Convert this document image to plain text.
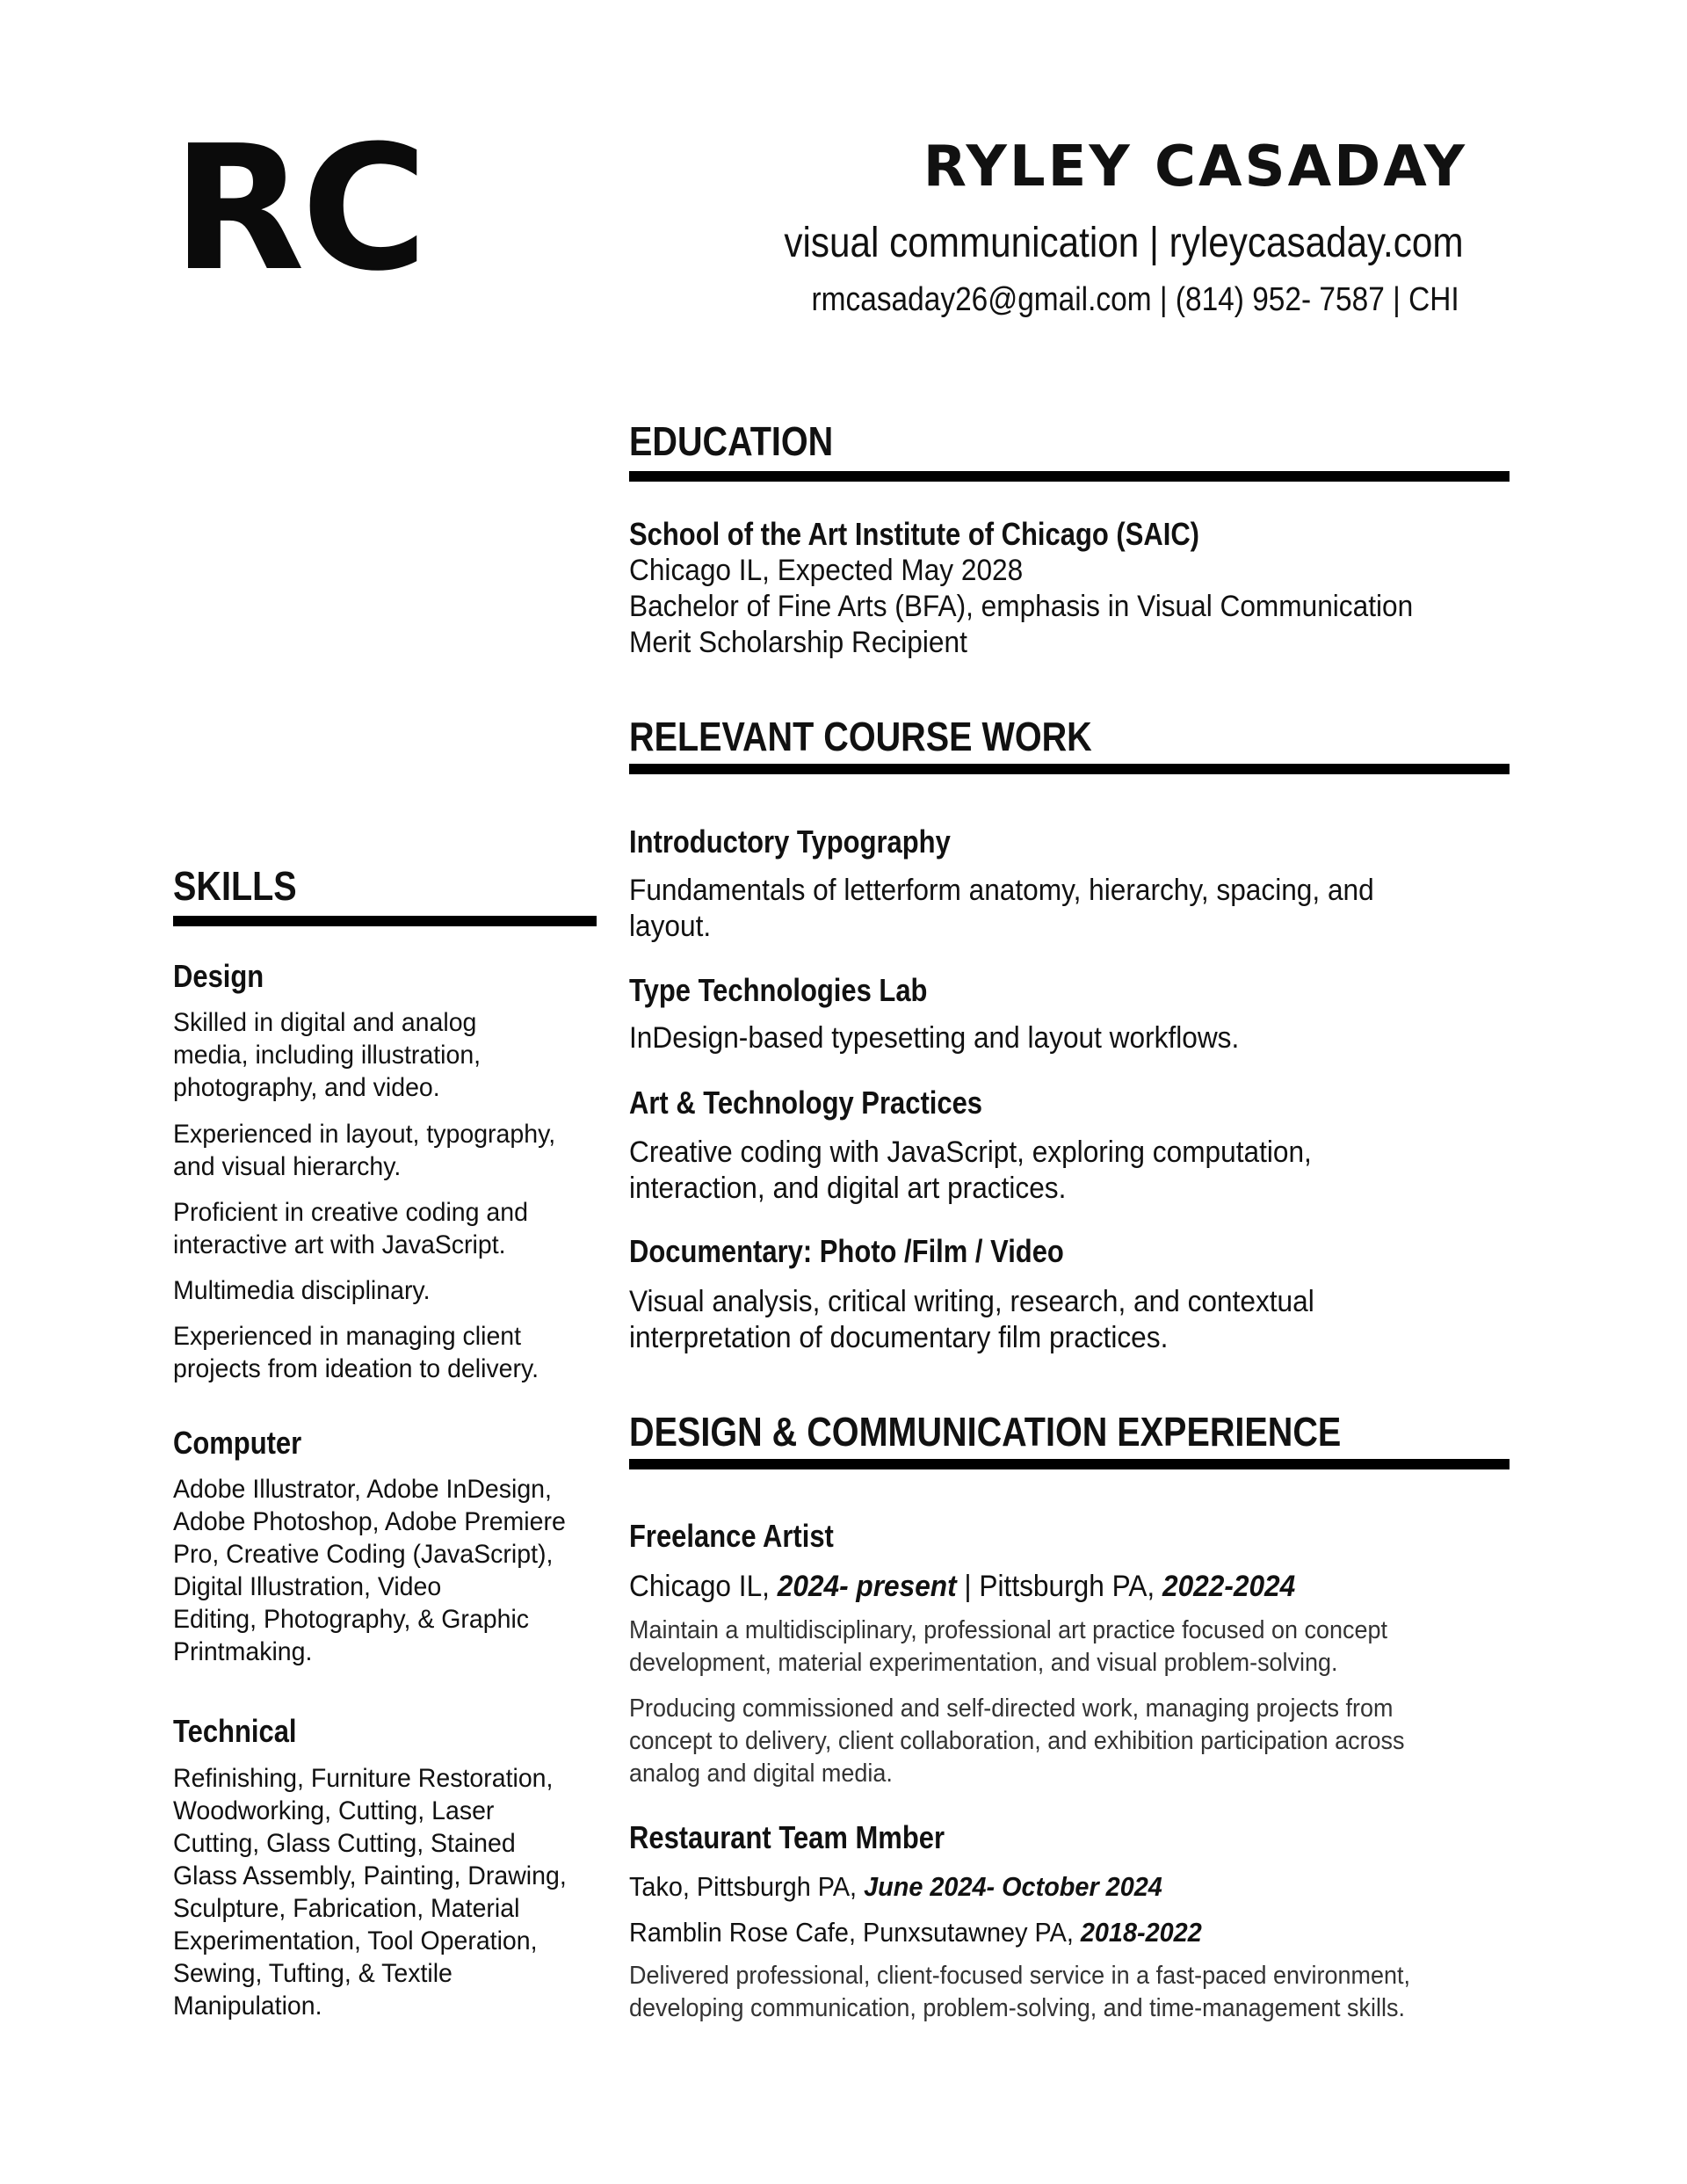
RC	RYLEY CASADAY
visual communication | ryleycasaday.com
rmcasaday26@gmail.com | (814) 952- 7587 | CHI
EDUCATION
School of the Art Institute of Chicago (SAIC)
Chicago IL, Expected May 2028
Bachelor of Fine Arts (BFA), emphasis in Visual Communication
Merit Scholarship Recipient
RELEVANT COURSE WORK
Introductory Typography
Fundamentals of letterform anatomy, hierarchy, spacing, and
layout.
Type Technologies Lab
InDesign-based typesetting and layout workflows.
Art & Technology Practices
Creative coding with JavaScript, exploring computation,
interaction, and digital art practices.
Documentary: Photo /Film / Video
Visual analysis, critical writing, research, and contextual
interpretation of documentary film practices.
DESIGN & COMMUNICATION EXPERIENCE
Freelance Artist
Chicago IL, 2024- present | Pittsburgh PA, 2022-2024
Maintain a multidisciplinary, professional art practice focused on concept
development, material experimentation, and visual problem-solving.
Producing commissioned and self-directed work, managing projects from
concept to delivery, client collaboration, and exhibition participation across
analog and digital media.
Restaurant Team Mmber
Tako, Pittsburgh PA, June 2024- October 2024
Ramblin Rose Cafe, Punxsutawney PA, 2018-2022
Delivered professional, client-focused service in a fast-paced environment,
developing communication, problem-solving, and time-management skills.
SKILLS
Design
Skilled in digital and analog
media, including illustration,
photography, and video.
Experienced in layout, typography,
and visual hierarchy.
Proficient in creative coding and
interactive art with JavaScript.
Multimedia disciplinary.
Experienced in managing client
projects from ideation to delivery.
Computer
Adobe Illustrator, Adobe InDesign,
Adobe Photoshop, Adobe Premiere
Pro, Creative Coding (JavaScript),
Digital Illustration, Video
Editing, Photography, & Graphic
Printmaking.
Technical
Refinishing, Furniture Restoration,
Woodworking, Cutting, Laser
Cutting, Glass Cutting, Stained
Glass Assembly, Painting, Drawing,
Sculpture, Fabrication, Material
Experimentation, Tool Operation,
Sewing, Tufting, & Textile
Manipulation.
